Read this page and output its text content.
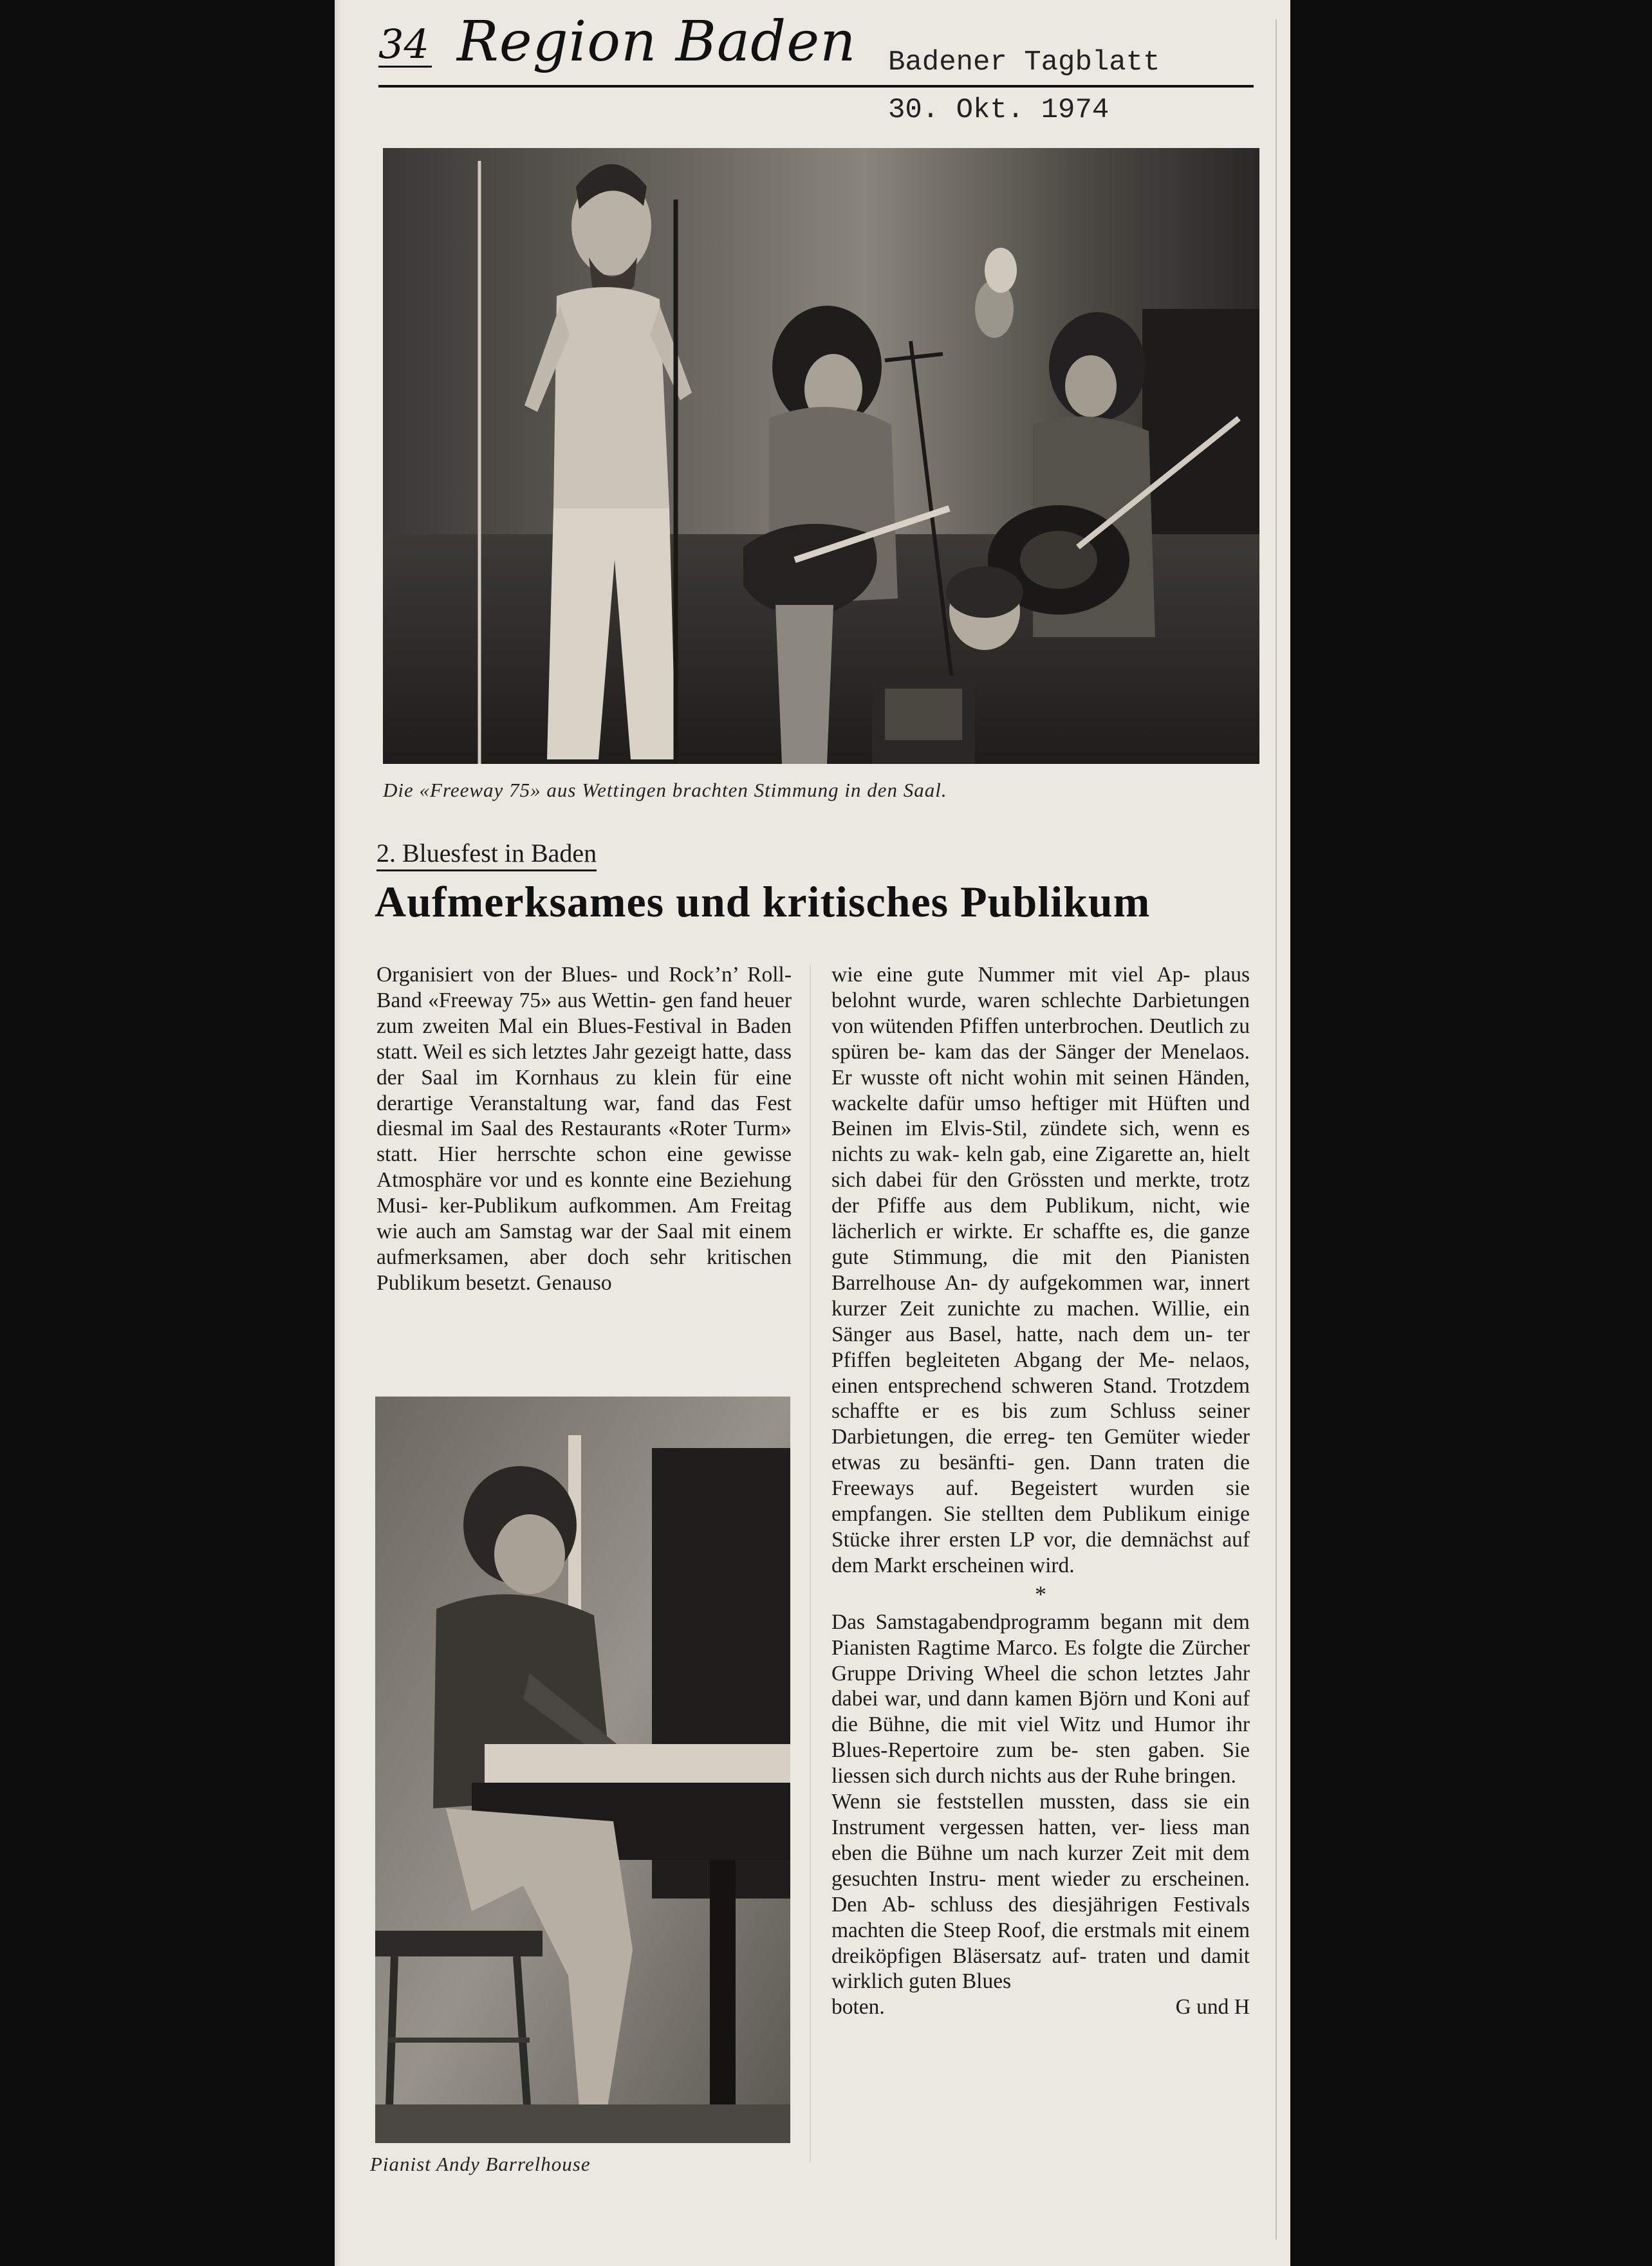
34 Region Baden Badener Tagblatt
30. Okt. 1974
Die «Freeway 75» aus Wettingen brachten Stimmung in den Saal.
2. Bluesfest in Baden
Aufmerksames und kritisches Publikum

Organisiert von der Blues- und Rock’n’ Roll-Band «Freeway 75» aus Wettin- gen fand heuer zum zweiten Mal ein Blues-Festival in Baden statt. Weil es sich letztes Jahr gezeigt hatte, dass der Saal im Kornhaus zu klein für eine derartige Veranstaltung war, fand das Fest diesmal im Saal des Restaurants «Roter Turm» statt. Hier herrschte schon eine gewisse Atmosphäre vor und es konnte eine Beziehung Musi- ker-Publikum aufkommen. Am Freitag wie auch am Samstag war der Saal mit einem aufmerksamen, aber doch sehr kritischen Publikum besetzt. Genauso

Pianist Andy Barrelhouse

wie eine gute Nummer mit viel Ap- plaus belohnt wurde, waren schlechte Darbietungen von wütenden Pfiffen unterbrochen. Deutlich zu spüren be- kam das der Sänger der Menelaos. Er wusste oft nicht wohin mit seinen Händen, wackelte dafür umso heftiger mit Hüften und Beinen im Elvis-Stil, zündete sich, wenn es nichts zu wak- keln gab, eine Zigarette an, hielt sich dabei für den Grössten und merkte, trotz der Pfiffe aus dem Publikum, nicht, wie lächerlich er wirkte. Er schaffte es, die ganze gute Stimmung, die mit den Pianisten Barrelhouse An- dy aufgekommen war, innert kurzer Zeit zunichte zu machen. Willie, ein Sänger aus Basel, hatte, nach dem un- ter Pfiffen begleiteten Abgang der Me- nelaos, einen entsprechend schweren Stand. Trotzdem schaffte er es bis zum Schluss seiner Darbietungen, die erreg- ten Gemüter wieder etwas zu besänfti- gen. Dann traten die Freeways auf. Begeistert wurden sie empfangen. Sie stellten dem Publikum einige Stücke ihrer ersten LP vor, die demnächst auf dem Markt erscheinen wird.

*

Das Samstagabendprogramm begann mit dem Pianisten Ragtime Marco. Es folgte die Zürcher Gruppe Driving Wheel die schon letztes Jahr dabei war, und dann kamen Björn und Koni auf die Bühne, die mit viel Witz und Humor ihr Blues-Repertoire zum be- sten gaben. Sie liessen sich durch nichts aus der Ruhe bringen.

Wenn sie feststellen mussten, dass sie ein Instrument vergessen hatten, ver- liess man eben die Bühne um nach kurzer Zeit mit dem gesuchten Instru- ment wieder zu erscheinen. Den Ab- schluss des diesjährigen Festivals machten die Steep Roof, die erstmals mit einem dreiköpfigen Bläsersatz auf- traten und damit wirklich guten Blues

boten.	G und H
